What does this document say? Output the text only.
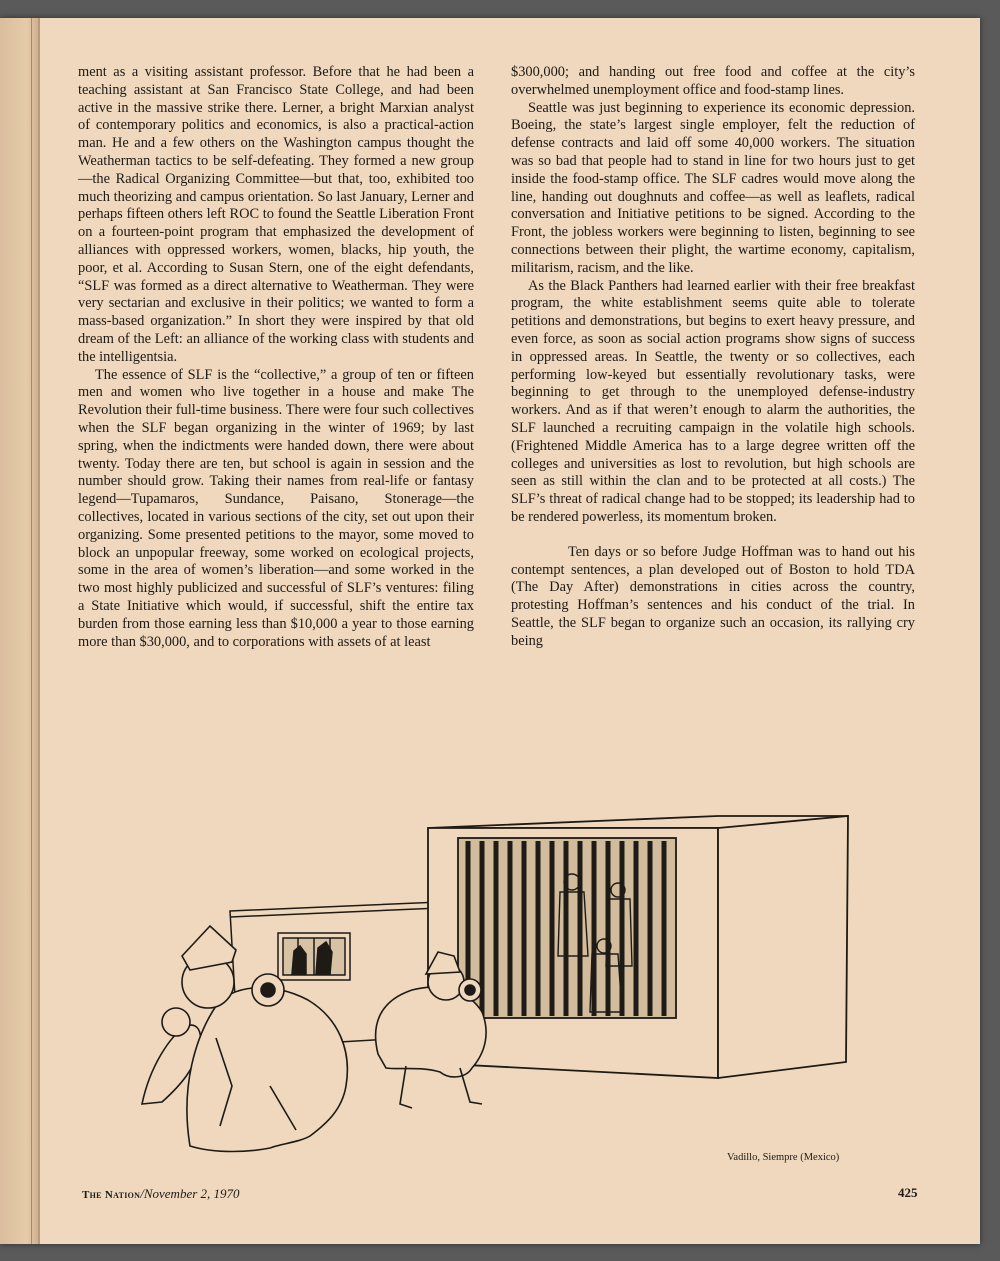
ment as a visiting assistant professor. Before that he had been a teaching assistant at San Francisco State College, and had been active in the massive strike there. Lerner, a bright Marxian analyst of contemporary politics and economics, is also a practical-action man. He and a few others on the Washington campus thought the Weatherman tactics to be self-defeating. They formed a new group —the Radical Organizing Committee—but that, too, exhibited too much theorizing and campus orientation. So last January, Lerner and perhaps fifteen others left ROC to found the Seattle Liberation Front on a fourteen-point program that emphasized the development of alliances with oppressed workers, women, blacks, hip youth, the poor, et al. According to Susan Stern, one of the eight defendants, “SLF was formed as a direct alternative to Weatherman. They were very sectarian and exclusive in their politics; we wanted to form a mass-based organization.” In short they were inspired by that old dream of the Left: an alliance of the working class with students and the intelligentsia.

The essence of SLF is the “collective,” a group of ten or fifteen men and women who live together in a house and make The Revolution their full-time business. There were four such collectives when the SLF began organizing in the winter of 1969; by last spring, when the indictments were handed down, there were about twenty. Today there are ten, but school is again in session and the number should grow. Taking their names from real-life or fantasy legend—Tupamaros, Sundance, Paisano, Stonerage—the collectives, located in various sections of the city, set out upon their organizing. Some presented petitions to the mayor, some moved to block an unpopular freeway, some worked on ecological projects, some in the area of women’s liberation—and some worked in the two most highly publicized and successful of SLF’s ventures: filing a State Initiative which would, if successful, shift the entire tax burden from those earning less than $10,000 a year to those earning more than $30,000, and to corporations with assets of at least

$300,000; and handing out free food and coffee at the city’s overwhelmed unemployment office and food-stamp lines.

Seattle was just beginning to experience its economic depression. Boeing, the state’s largest single employer, felt the reduction of defense contracts and laid off some 40,000 workers. The situation was so bad that people had to stand in line for two hours just to get inside the food-stamp office. The SLF cadres would move along the line, handing out doughnuts and coffee—as well as leaflets, radical conversation and Initiative petitions to be signed. According to the Front, the jobless workers were beginning to listen, beginning to see connections between their plight, the wartime economy, capitalism, militarism, racism, and the like.

As the Black Panthers had learned earlier with their free breakfast program, the white establishment seems quite able to tolerate petitions and demonstrations, but begins to exert heavy pressure, and even force, as soon as social action programs show signs of success in oppressed areas. In Seattle, the twenty or so collectives, each performing low-keyed but essentially revolutionary tasks, were beginning to get through to the unemployed defense-industry workers. And as if that weren’t enough to alarm the authorities, the SLF launched a recruiting campaign in the volatile high schools. (Frightened Middle America has to a large degree written off the colleges and universities as lost to revolution, but high schools are seen as still within the clan and to be protected at all costs.) The SLF’s threat of radical change had to be stopped; its leadership had to be rendered powerless, its momentum broken.

Ten days or so before Judge Hoffman was to hand out his contempt sentences, a plan developed out of Boston to hold TDA (The Day After) demonstrations in cities across the country, protesting Hoffman’s sentences and his conduct of the trial. In Seattle, the SLF began to organize such an occasion, its rallying cry being

Vadillo, Siempre (Mexico)
The Nation/November 2, 1970	425
